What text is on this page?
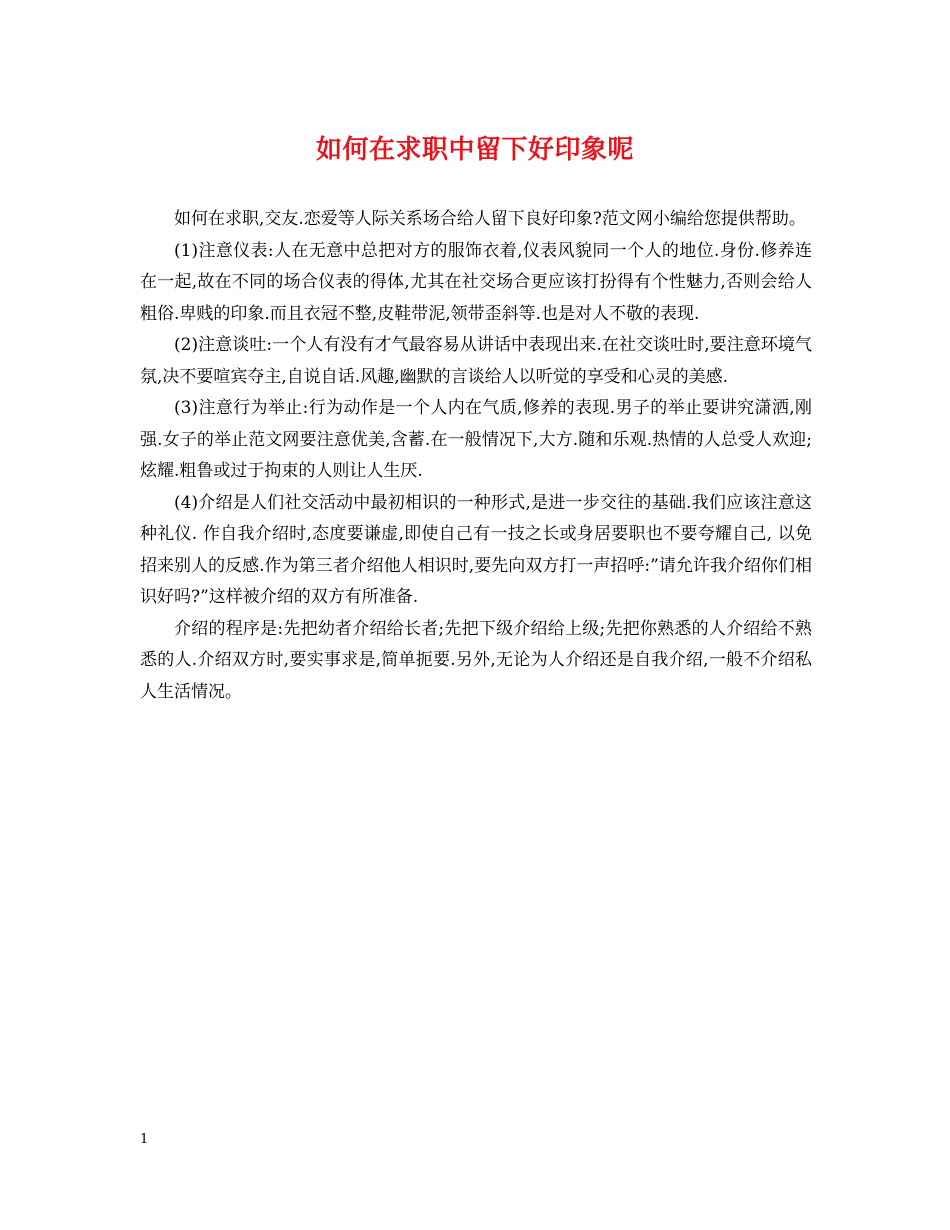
如何在求职中留下好印象呢

如何在求职,交友.恋爱等人际关系场合给人留下良好印象?范文网小编给您提供帮助。

(1)注意仪表:人在无意中总把对方的服饰衣着,仪表风貌同一个人的地位.身份.修养连在一起,故在不同的场合仪表的得体,尤其在社交场合更应该打扮得有个性魅力,否则会给人粗俗.卑贱的印象.而且衣冠不整,皮鞋带泥,领带歪斜等.也是对人不敬的表现.

(2)注意谈吐:一个人有没有才气最容易从讲话中表现出来.在社交谈吐时,要注意环境气氛,决不要喧宾夺主,自说自话.风趣,幽默的言谈给人以听觉的享受和心灵的美感.

(3)注意行为举止:行为动作是一个人内在气质,修养的表现.男子的举止要讲究潇洒,刚强.女子的举止范文网要注意优美,含蓄.在一般情况下,大方.随和乐观.热情的人总受人欢迎;炫耀.粗鲁或过于拘束的人则让人生厌.

(4)介绍是人们社交活动中最初相识的一种形式,是进一步交往的基础.我们应该注意这种礼仪. 作自我介绍时,态度要谦虚,即使自己有一技之长或身居要职也不要夸耀自己, 以免招来别人的反感.作为第三者介绍他人相识时,要先向双方打一声招呼:”请允许我介绍你们相识好吗?”这样被介绍的双方有所准备.

介绍的程序是:先把幼者介绍给长者;先把下级介绍给上级;先把你熟悉的人介绍给不熟悉的人.介绍双方时,要实事求是,简单扼要.另外,无论为人介绍还是自我介绍,一般不介绍私人生活情况。

1
